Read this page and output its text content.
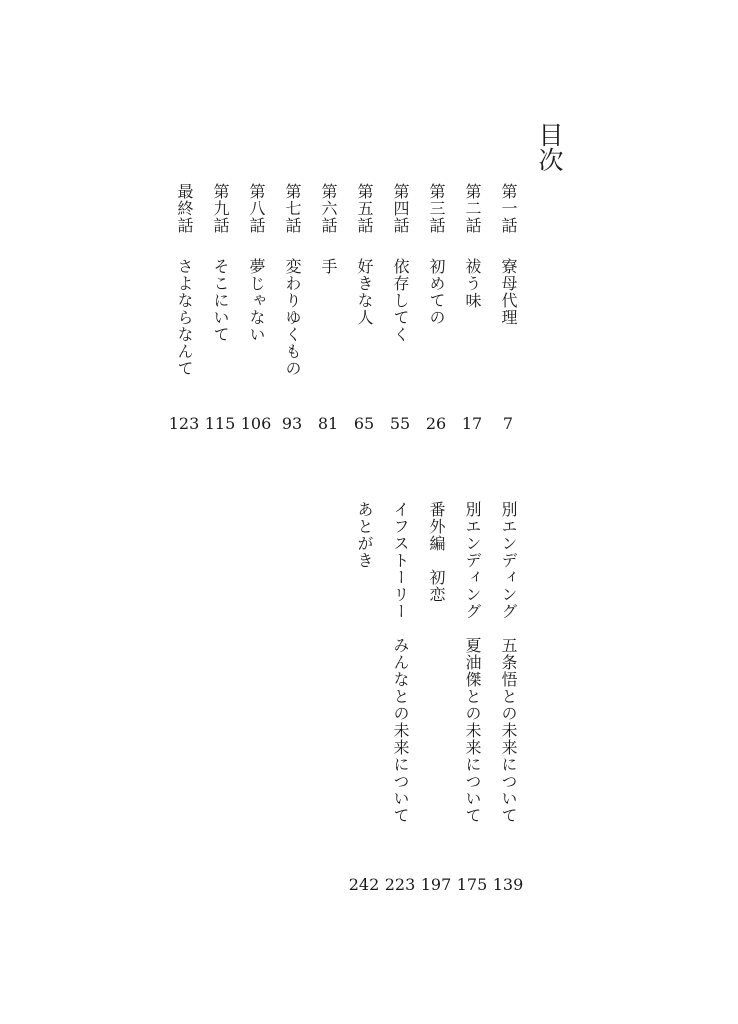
目次
第一話
寮母代理
7
第二話
祓う味
17
第三話
初めての
26
第四話
依存してく
55
第五話
好きな人
65
第六話
手
81
第七話
変わりゆくもの
93
第八話
夢じゃない
106
第九話
そこにいて
115
最終話
さよならなんて
123
別エンディング　五条悟との未来について
139
別エンディング　夏油傑との未来について
175
番外編　初恋
197
イフストーリー　みんなとの未来について
223
あとがき
242
